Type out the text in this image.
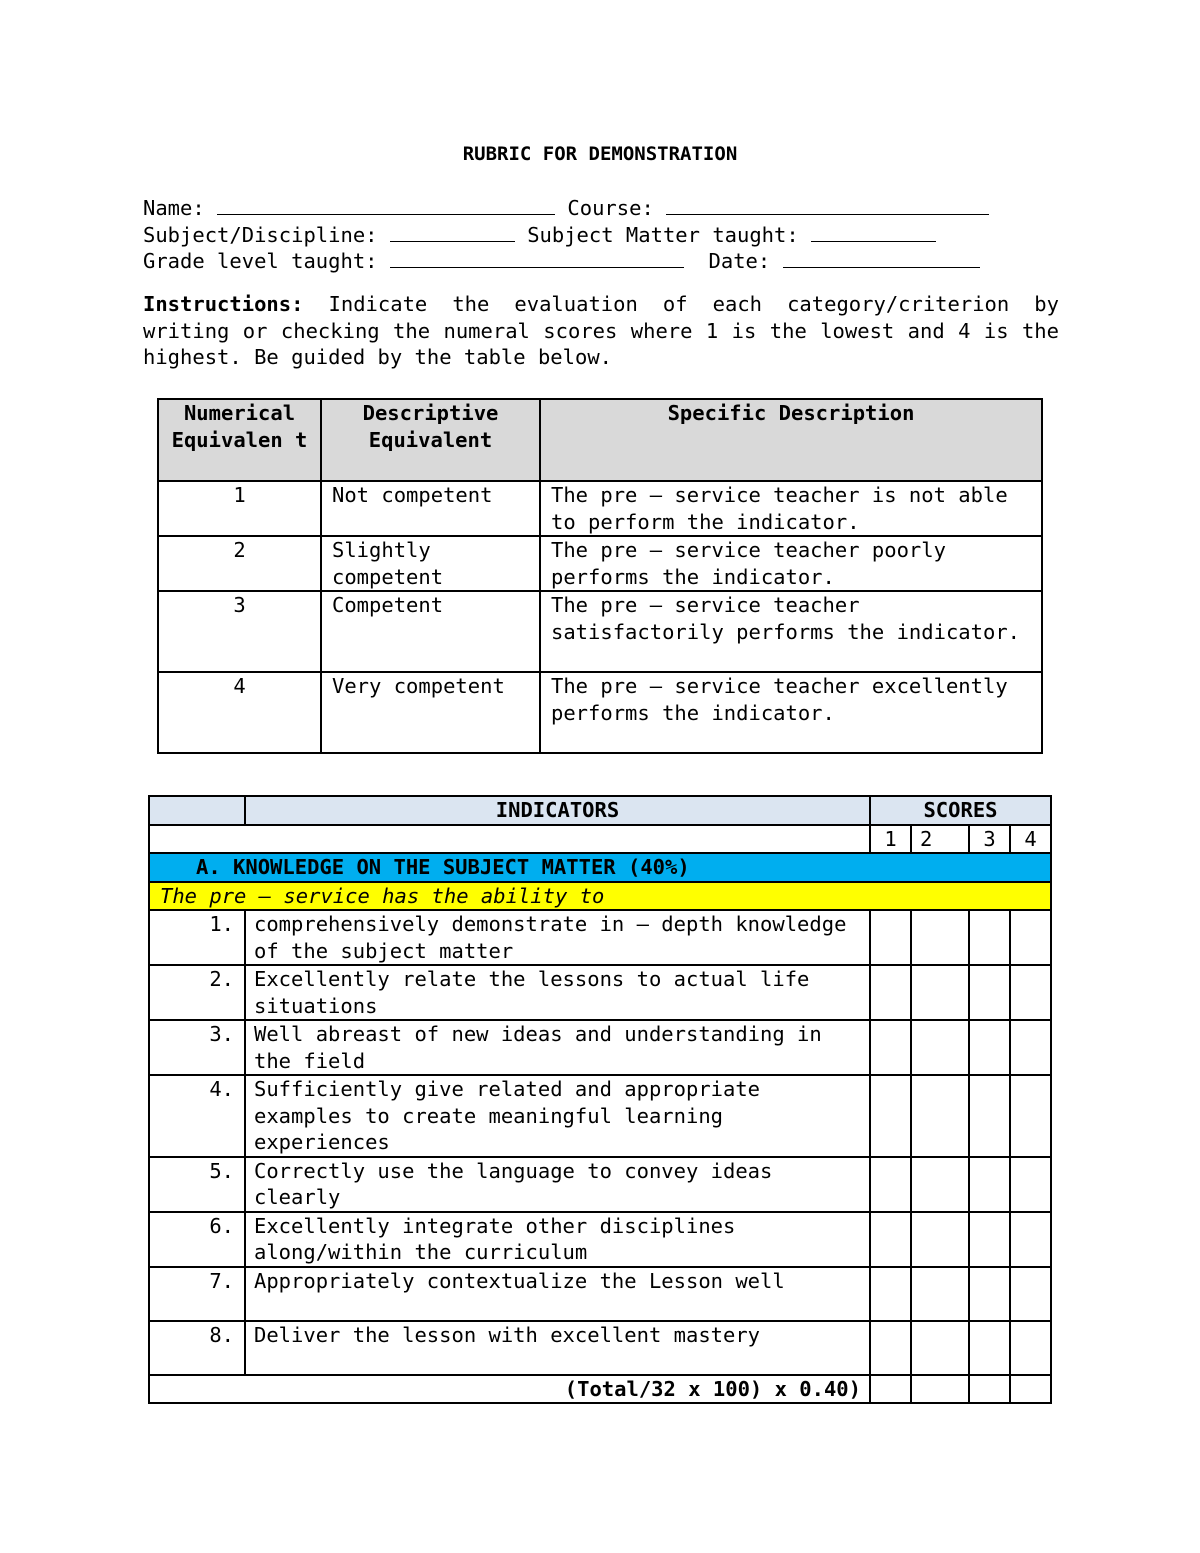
RUBRIC FOR DEMONSTRATION
Name:	Course:
Subject/Discipline:	Subject Matter taught:
Grade level taught:	Date:
Instructions: Indicate the evaluation of each category/criterion by writing or checking the numeral scores where 1 is the lowest and 4 is the highest. Be guided by the table below.
Numerical Equivalen t	Descriptive Equivalent	Specific Description
1	Not competent	The pre – service teacher is not able to perform the indicator.
2	Slightly competent	The pre – service teacher poorly performs the indicator.
3	Competent	The pre – service teacher satisfactorily performs the indicator.
4	Very competent	The pre – service teacher excellently performs the indicator.
	INDICATORS	SCORES			
		1	2	3	4
A. KNOWLEDGE ON THE SUBJECT MATTER (40%)					
The pre – service has the ability to					
1.	comprehensively demonstrate in – depth knowledge of the subject matter				
2.	Excellently relate the lessons to actual life situations				
3.	Well abreast of new ideas and understanding in the field				
4.	Sufficiently give related and appropriate examples to create meaningful learning experiences				
5.	Correctly use the language to convey ideas clearly				
6.	Excellently integrate other disciplines along/within the curriculum				
7.	Appropriately contextualize the Lesson well				
8.	Deliver the lesson with excellent mastery				
(Total/32 x 100) x 0.40)					
